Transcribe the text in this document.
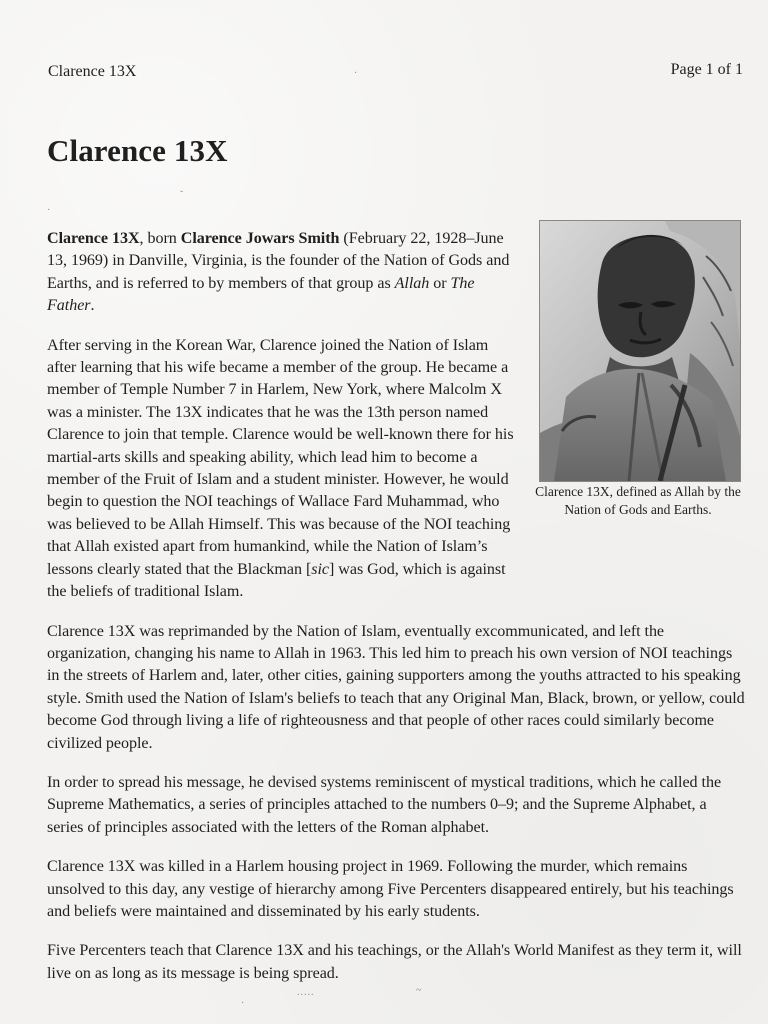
Clarence 13X	Page 1 of 1
Clarence 13X
·
˘
·
.....	~
·
Clarence 13X, defined as Allah by the Nation of Gods and Earths.

Clarence 13X, born Clarence Jowars Smith (February 22, 1928–June 13, 1969) in Danville, Virginia, is the founder of the Nation of Gods and Earths, and is referred to by members of that group as Allah or The Father.

After serving in the Korean War, Clarence joined the Nation of Islam after learning that his wife became a member of the group. He became a member of Temple Number 7 in Harlem, New York, where Malcolm X was a minister. The 13X indicates that he was the 13th person named Clarence to join that temple. Clarence would be well-known there for his martial-arts skills and speaking ability, which lead him to become a member of the Fruit of Islam and a student minister. However, he would begin to question the NOI teachings of Wallace Fard Muhammad, who was believed to be Allah Himself. This was because of the NOI teaching that Allah existed apart from humankind, while the Nation of Islam’s lessons clearly stated that the Blackman [sic] was God, which is against the beliefs of traditional Islam.

Clarence 13X was reprimanded by the Nation of Islam, eventually excommunicated, and left the organization, changing his name to Allah in 1963. This led him to preach his own version of NOI teachings in the streets of Harlem and, later, other cities, gaining supporters among the youths attracted to his speaking style. Smith used the Nation of Islam's beliefs to teach that any Original Man, Black, brown, or yellow, could become God through living a life of righteousness and that people of other races could similarly become civilized people.

In order to spread his message, he devised systems reminiscent of mystical traditions, which he called the Supreme Mathematics, a series of principles attached to the numbers 0–9; and the Supreme Alphabet, a series of principles associated with the letters of the Roman alphabet.

Clarence 13X was killed in a Harlem housing project in 1969. Following the murder, which remains unsolved to this day, any vestige of hierarchy among Five Percenters disappeared entirely, but his teachings and beliefs were maintained and disseminated by his early students.

Five Percenters teach that Clarence 13X and his teachings, or the Allah's World Manifest as they term it, will live on as long as its message is being spread.
